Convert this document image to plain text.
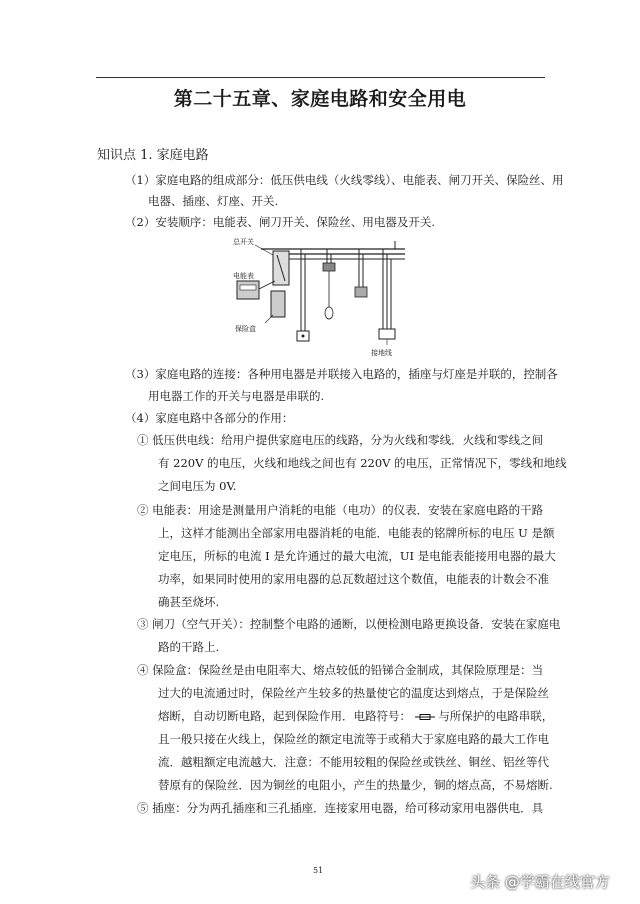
第二十五章、家庭电路和安全用电
知识点 1. 家庭电路
（1）家庭电路的组成部分：低压供电线（火线零线）、电能表、闸刀开关、保险丝、用
电器、插座、灯座、开关.
（2）安装顺序：电能表、闸刀开关、保险丝、用电器及开关.
总开关
电能表
保险盒
接地线
（3）家庭电路的连接：各种用电器是并联接入电路的，插座与灯座是并联的，控制各
用电器工作的开关与电器是串联的.
（4）家庭电路中各部分的作用：
① 低压供电线：给用户提供家庭电压的线路，分为火线和零线．火线和零线之间
有 220V 的电压，火线和地线之间也有 220V 的电压，正常情况下，零线和地线
之间电压为 0V.
② 电能表：用途是测量用户消耗的电能（电功）的仪表．安装在家庭电路的干路
上，这样才能测出全部家用电器消耗的电能．电能表的铭牌所标的电压 U 是额
定电压，所标的电流 I 是允许通过的最大电流，UI 是电能表能接用电器的最大
功率，如果同时使用的家用电器的总瓦数超过这个数值，电能表的计数会不准
确甚至烧坏.
③ 闸刀（空气开关）：控制整个电路的通断，以便检测电路更换设备．安装在家庭电
路的干路上.
④ 保险盒：保险丝是由电阻率大、熔点较低的铅锑合金制成，其保险原理是：当
过大的电流通过时，保险丝产生较多的热量使它的温度达到熔点，于是保险丝
熔断，自动切断电路，起到保险作用．电路符号： 与所保护的电路串联，
且一般只接在火线上，保险丝的额定电流等于或稍大于家庭电路的最大工作电
流．越粗额定电流越大．注意：不能用较粗的保险丝或铁丝、铜丝、铝丝等代
替原有的保险丝．因为铜丝的电阻小，产生的热量少，铜的熔点高，不易熔断.
⑤ 插座：分为两孔插座和三孔插座．连接家用电器，给可移动家用电器供电．具
51
头条 @学霸在线官方
